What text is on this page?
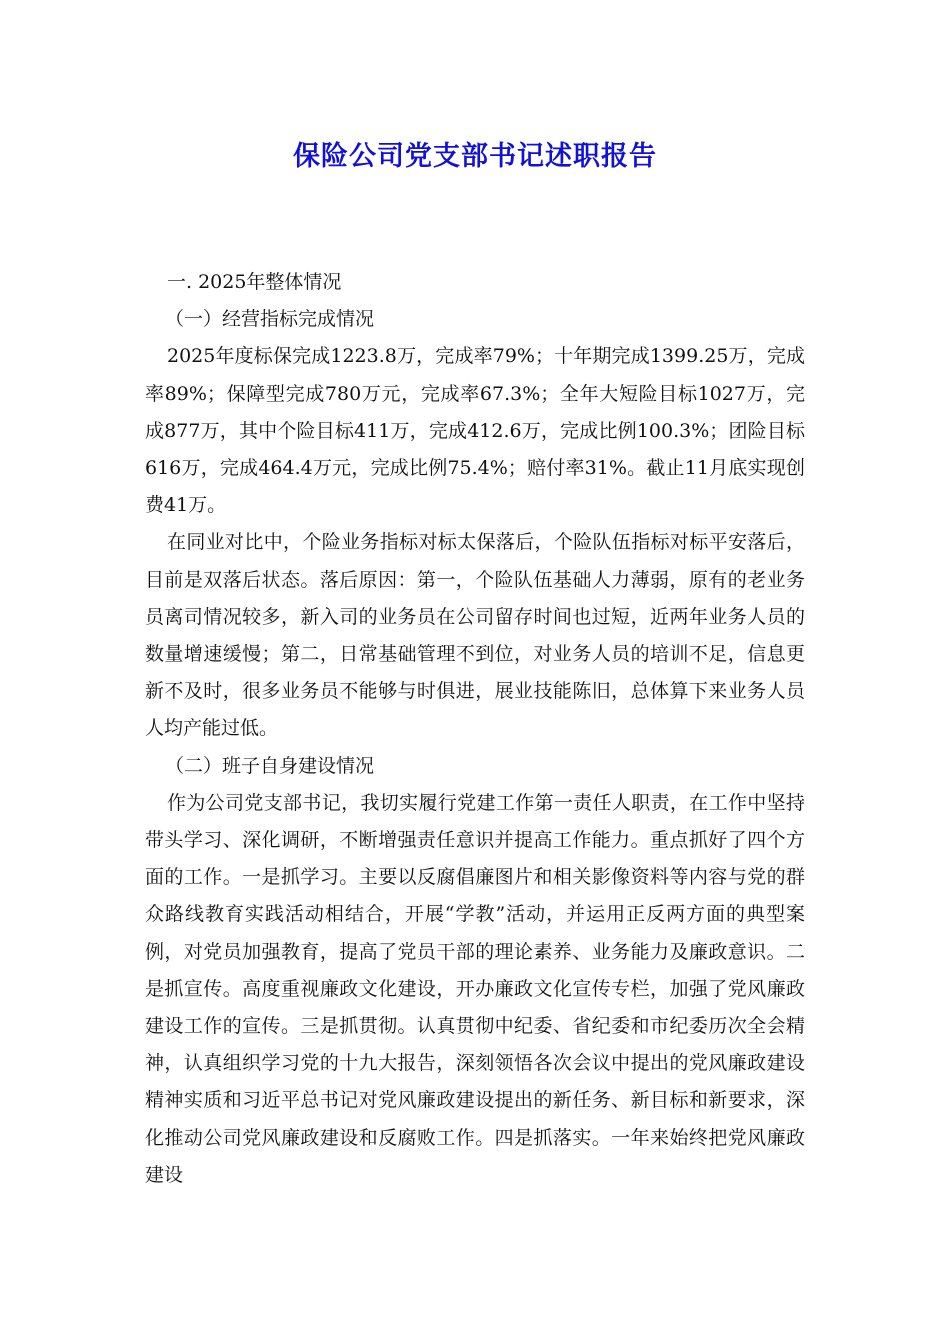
保险公司党支部书记述职报告

一. 2025年整体情况

（一）经营指标完成情况

2025年度标保完成1223.8万，完成率79%；十年期完成1399.25万，完成率89%；保障型完成780万元，完成率67.3%；全年大短险目标1027万，完成877万，其中个险目标411万，完成412.6万，完成比例100.3%；团险目标616万，完成464.4万元，完成比例75.4%；赔付率31%。截止11月底实现创费41万。

在同业对比中，个险业务指标对标太保落后，个险队伍指标对标平安落后，目前是双落后状态。落后原因：第一，个险队伍基础人力薄弱，原有的老业务员离司情况较多，新入司的业务员在公司留存时间也过短，近两年业务人员的数量增速缓慢；第二，日常基础管理不到位，对业务人员的培训不足，信息更新不及时，很多业务员不能够与时俱进，展业技能陈旧，总体算下来业务人员人均产能过低。

（二）班子自身建设情况

作为公司党支部书记，我切实履行党建工作第一责任人职责，在工作中坚持带头学习、深化调研，不断增强责任意识并提高工作能力。重点抓好了四个方面的工作。一是抓学习。主要以反腐倡廉图片和相关影像资料等内容与党的群众路线教育实践活动相结合，开展“学教”活动，并运用正反两方面的典型案例，对党员加强教育，提高了党员干部的理论素养、业务能力及廉政意识。二是抓宣传。高度重视廉政文化建设，开办廉政文化宣传专栏，加强了党风廉政建设工作的宣传。三是抓贯彻。认真贯彻中纪委、省纪委和市纪委历次全会精神，认真组织学习党的十九大报告，深刻领悟各次会议中提出的党风廉政建设精神实质和习近平总书记对党风廉政建设提出的新任务、新目标和新要求，深化推动公司党风廉政建设和反腐败工作。四是抓落实。一年来始终把党风廉政建设
